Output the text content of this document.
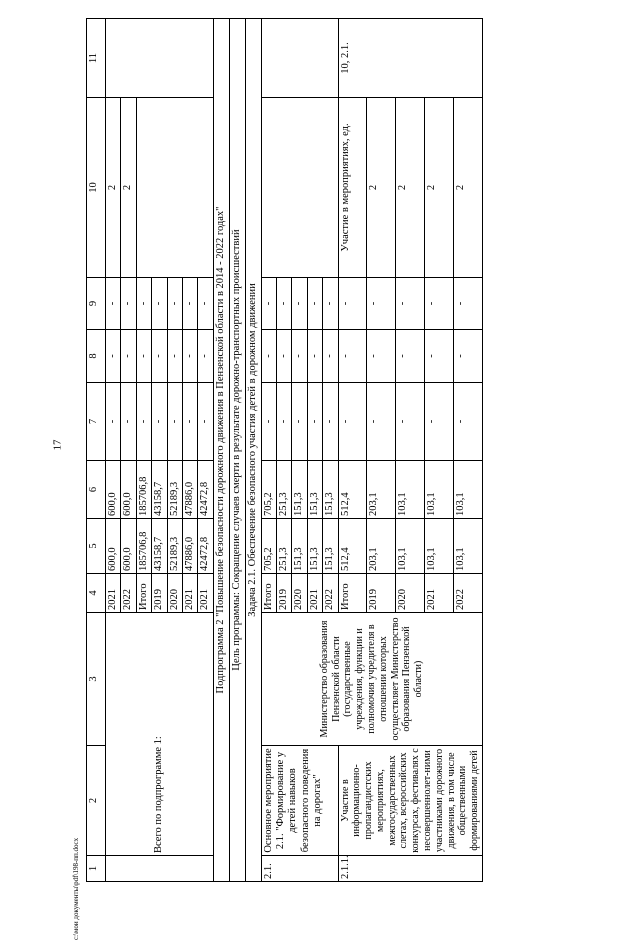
17
c:\мои документы\pdf\198-пп.docx 1	2	3	4	5	6	7	8	9	10	11
	Всего по подпрограмме 1:		2021	600,0	600,0	-	-	-	2	
			2022	600,0	600,0	-	-	-	2	
			Итого	185706,8	185706,8	-	-	-		
			2019	43158,7	43158,7	-	-	-		
			2020	52189,3	52189,3	-	-	-		
			2021	47886,0	47886,0	-	-	-		
			2021	42472,8	42472,8	-	-	-		
Подпрограмма 2 "Повышение безопасности дорожного движения в Пензенской области в 2014 - 2022 годах"										
Цель программы: Сокращение случаев смерти в результате дорожно-транспортных происшествий										
Задача 2.1. Обеспечение безопасного участия детей в дорожном движении										
2.1.	Основное мероприятие 2.1. "Формирование у детей навыков безопасного поведения на дорогах"	Министерство образования Пензенской области (государственные учреждения, функции и полномочия учредителя в отношении которых осуществляет Министерство образования Пензенской области)	Итого	705,2	705,2	-	-	-		
			2019	251,3	251,3	-	-	-		
			2020	151,3	151,3	-	-	-		
			2021	151,3	151,3	-	-	-		
			2022	151,3	151,3	-	-	-		
2.1.1.	Участие в информационно-пропагандистских мероприятиях, межгосударственных слетах, всероссийских конкурсах, фестивалях с несовершеннолет-ними участниками дорожного движения, в том числе общественными формированиями детей		Итого	512,4	512,4	-	-	-	Участие в мероприятиях, ед.	10, 2.1.
			2019	203,1	203,1	-	-	-	2	
			2020	103,1	103,1	-	-	-	2	
			2021	103,1	103,1	-	-	-	2	
			2022	103,1	103,1	-	-	-	2	
